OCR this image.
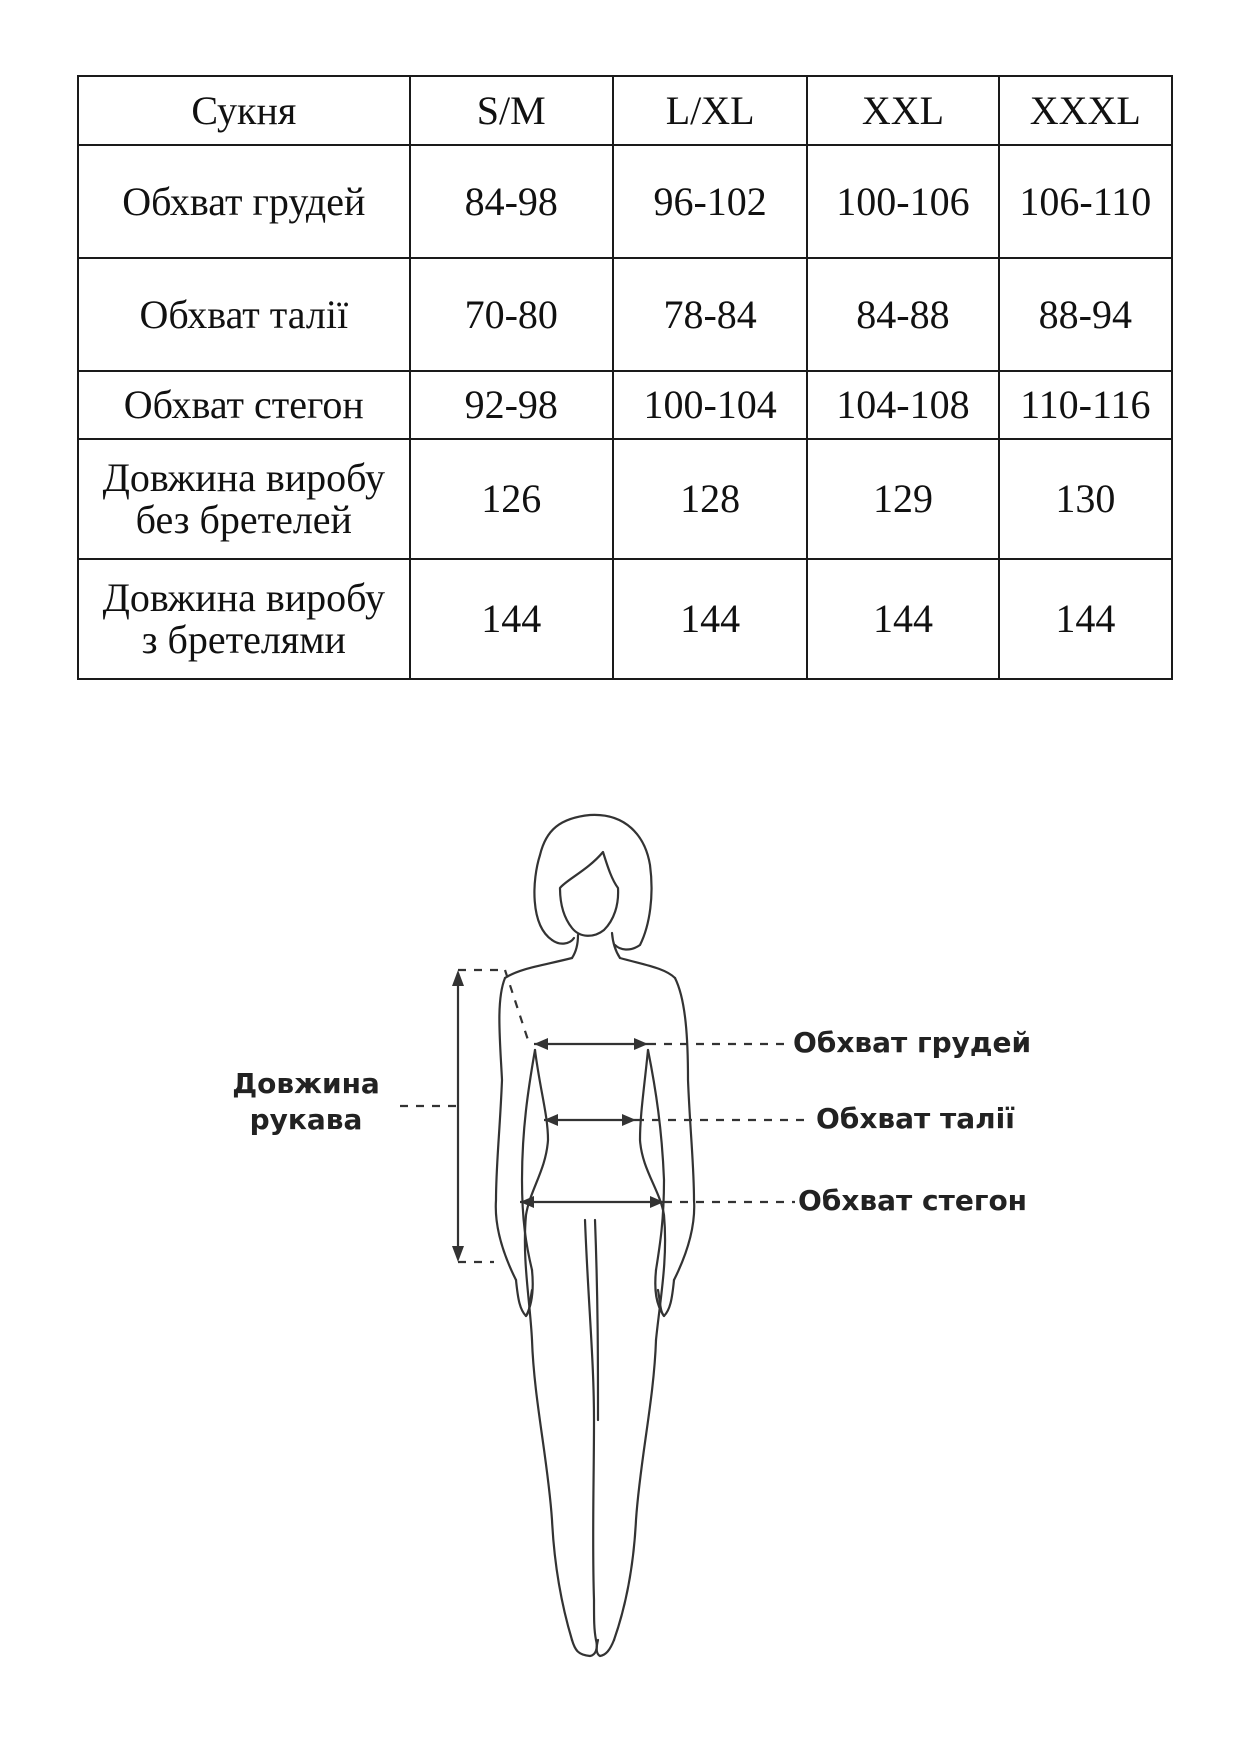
Сукня	S/M	L/XL	XXL	XXXL
Обхват грудей	84-98	96-102	100-106	106-110
Обхват талії	70-80	78-84	84-88	88-94
Обхват стегон	92-98	100-104	104-108	110-116

Довжина виробу
без бретелей	126	128	129	130

Довжина виробу
з бретелями	144	144	144	144
Обхват грудей
Обхват талії
Обхват стегон
Довжина
рукава
